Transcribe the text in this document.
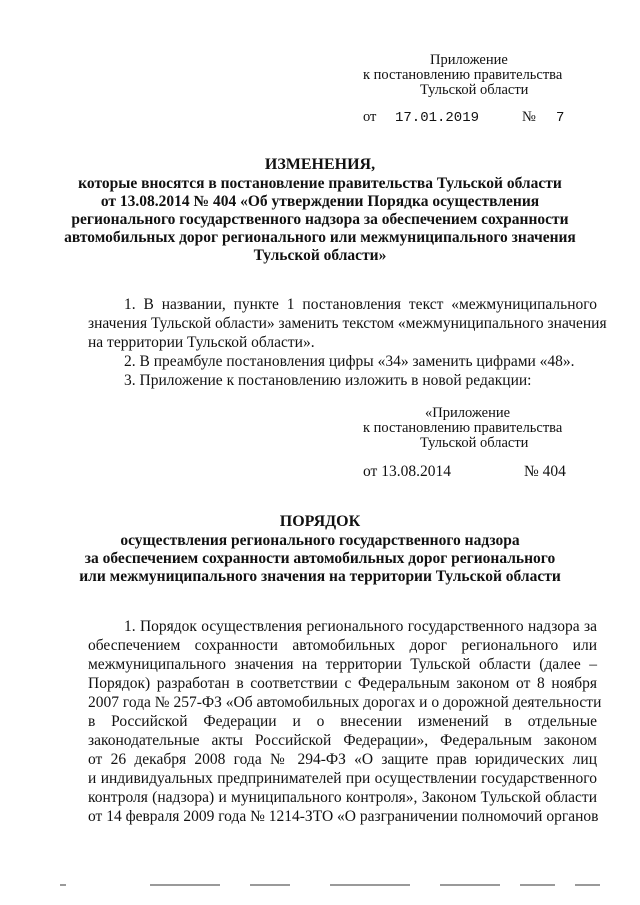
Приложение
к постановлению правительства
Тульской области
от 17.01.2019	№ 7
ИЗМЕНЕНИЯ,
которые вносятся в постановление правительства Тульской области
от 13.08.2014 № 404 «Об утверждении Порядка осуществления
регионального государственного надзора за обеспечением сохранности
автомобильных дорог регионального или межмуниципального значения
Тульской области»
1. В названии, пункте 1 постановления текст «межмуниципального
значения Тульской области» заменить текстом «межмуниципального значения
на территории Тульской области».
2. В преамбуле постановления цифры «34» заменить цифрами «48».
3. Приложение к постановлению изложить в новой редакции:
«Приложение
к постановлению правительства
Тульской области
от 13.08.2014	№ 404
ПОРЯДОК
осуществления регионального государственного надзора
за обеспечением сохранности автомобильных дорог регионального
или межмуниципального значения на территории Тульской области
1. Порядок осуществления регионального государственного надзора за
обеспечением сохранности автомобильных дорог регионального или
межмуниципального значения на территории Тульской области (далее –
Порядок) разработан в соответствии с Федеральным законом от 8 ноября
2007 года № 257-ФЗ «Об автомобильных дорогах и о дорожной деятельности
в Российской Федерации и о внесении изменений в отдельные
законодательные акты Российской Федерации», Федеральным законом
от 26 декабря 2008 года № 294-ФЗ «О защите прав юридических лиц
и индивидуальных предпринимателей при осуществлении государственного
контроля (надзора) и муниципального контроля», Законом Тульской области
от 14 февраля 2009 года № 1214-ЗТО «О разграничении полномочий органов
